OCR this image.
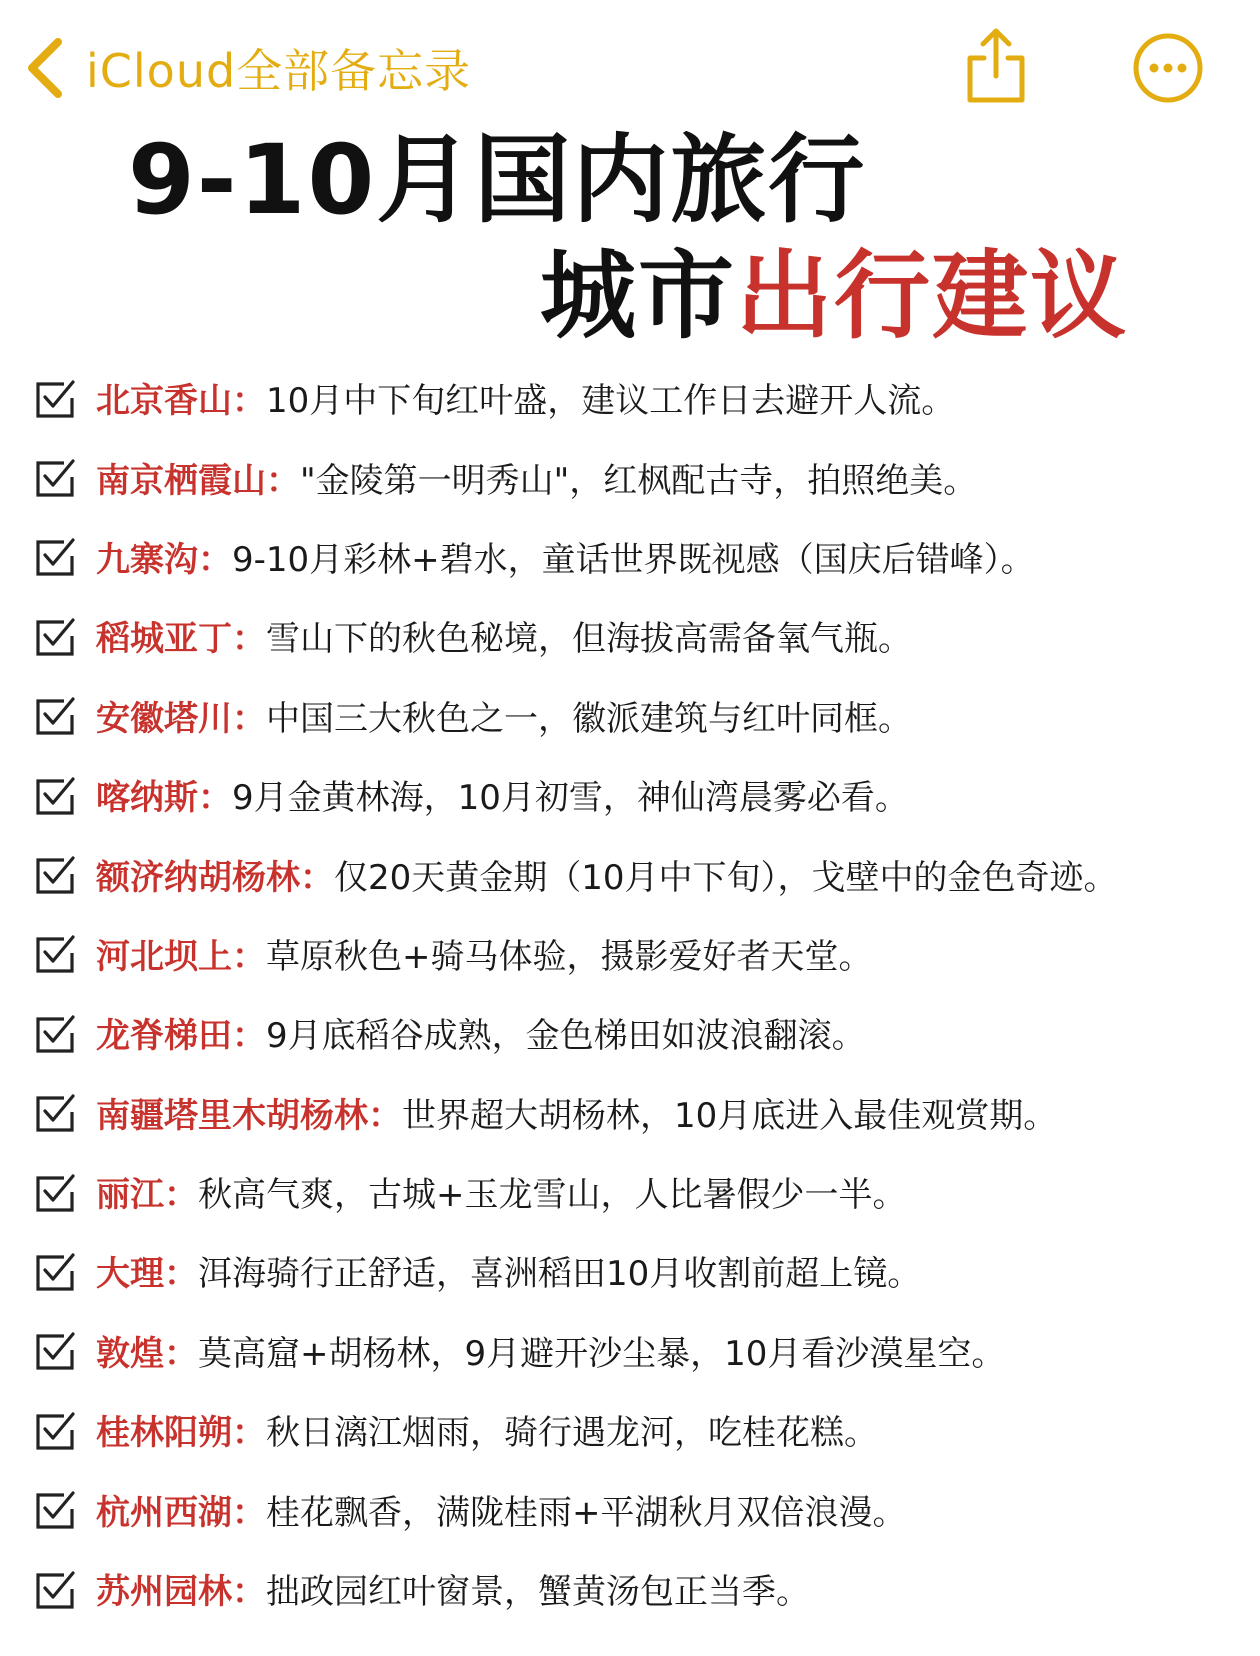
iCloud全部备忘录
9-10月国内旅行
城市出行建议
北京香山： 10月中下旬红叶盛，建议工作日去避开人流。
南京栖霞山： "金陵第一明秀山"，红枫配古寺，拍照绝美。
九寨沟： 9-10月彩林+碧水，童话世界既视感（国庆后错峰）。
稻城亚丁： 雪山下的秋色秘境，但海拔高需备氧气瓶。
安徽塔川： 中国三大秋色之一，徽派建筑与红叶同框。
喀纳斯： 9月金黄林海，10月初雪，神仙湾晨雾必看。
额济纳胡杨林： 仅20天黄金期（10月中下旬），戈壁中的金色奇迹。
河北坝上： 草原秋色+骑马体验，摄影爱好者天堂。
龙脊梯田： 9月底稻谷成熟，金色梯田如波浪翻滚。
南疆塔里木胡杨林： 世界超大胡杨林，10月底进入最佳观赏期。
丽江： 秋高气爽，古城+玉龙雪山，人比暑假少一半。
大理： 洱海骑行正舒适，喜洲稻田10月收割前超上镜。
敦煌： 莫高窟+胡杨林，9月避开沙尘暴，10月看沙漠星空。
桂林阳朔： 秋日漓江烟雨，骑行遇龙河，吃桂花糕。
杭州西湖： 桂花飘香，满陇桂雨+平湖秋月双倍浪漫。
苏州园林： 拙政园红叶窗景，蟹黄汤包正当季。
